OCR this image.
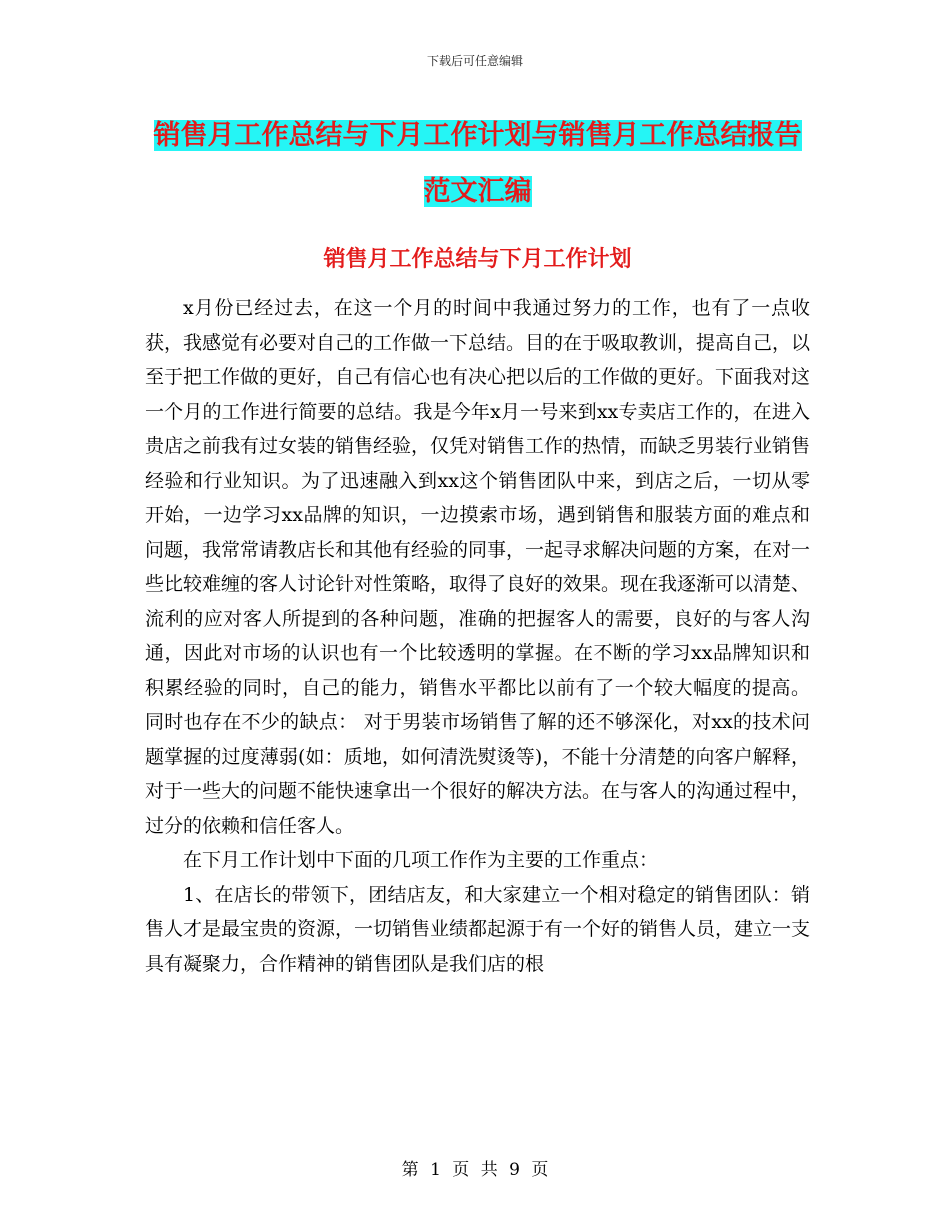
下载后可任意编辑
销售月工作总结与下月工作计划与销售月工作总结报告范文汇编
销售月工作总结与下月工作计划

x月份已经过去，在这一个月的时间中我通过努力的工作，也有了一点收获，我感觉有必要对自己的工作做一下总结。目的在于吸取教训，提高自己，以至于把工作做的更好，自己有信心也有决心把以后的工作做的更好。下面我对这一个月的工作进行简要的总结。我是今年x月一号来到xx专卖店工作的，在进入贵店之前我有过女装的销售经验，仅凭对销售工作的热情，而缺乏男装行业销售经验和行业知识。为了迅速融入到xx这个销售团队中来，到店之后，一切从零开始，一边学习xx品牌的知识，一边摸索市场，遇到销售和服装方面的难点和问题，我常常请教店长和其他有经验的同事，一起寻求解决问题的方案，在对一些比较难缠的客人讨论针对性策略，取得了良好的效果。现在我逐渐可以清楚、流利的应对客人所提到的各种问题，准确的把握客人的需要，良好的与客人沟通，因此对市场的认识也有一个比较透明的掌握。在不断的学习xx品牌知识和积累经验的同时，自己的能力，销售水平都比以前有了一个较大幅度的提高。 同时也存在不少的缺点： 对于男装市场销售了解的还不够深化，对xx的技术问题掌握的过度薄弱(如：质地，如何清洗熨烫等)，不能十分清楚的向客户解释，对于一些大的问题不能快速拿出一个很好的解决方法。在与客人的沟通过程中，过分的依赖和信任客人。

在下月工作计划中下面的几项工作作为主要的工作重点：

1、在店长的带领下，团结店友，和大家建立一个相对稳定的销售团队：销售人才是最宝贵的资源，一切销售业绩都起源于有一个好的销售人员，建立一支具有凝聚力，合作精神的销售团队是我们店的根

第 1 页 共 9 页
